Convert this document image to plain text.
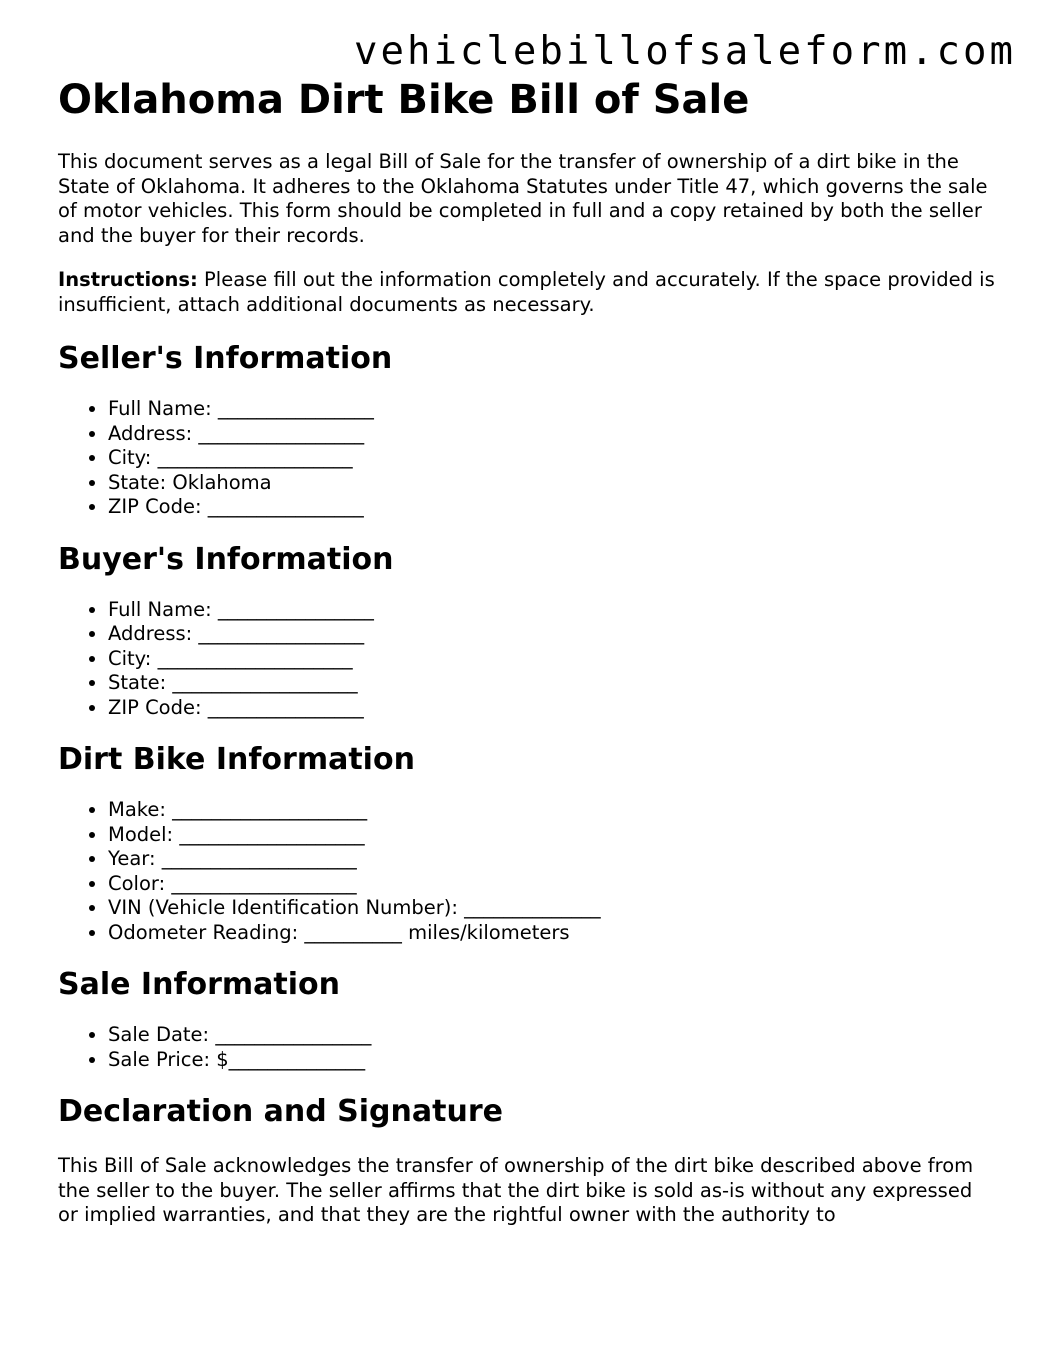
vehiclebillofsaleform.com
Oklahoma Dirt Bike Bill of Sale

This document serves as a legal Bill of Sale for the transfer of ownership of a dirt bike in the State of Oklahoma. It adheres to the Oklahoma Statutes under Title 47, which governs the sale of motor vehicles. This form should be completed in full and a copy retained by both the seller and the buyer for their records.

Instructions: Please fill out the information completely and accurately. If the space provided is insufficient, attach additional documents as necessary.

Seller's Information
• Full Name: ________________
• Address: _________________
• City: ____________________
• State: Oklahoma
• ZIP Code: ________________
Buyer's Information
• Full Name: ________________
• Address: _________________
• City: ____________________
• State: ___________________
• ZIP Code: ________________
Dirt Bike Information
• Make: ____________________
• Model: ___________________
• Year: ____________________
• Color: ___________________
• VIN (Vehicle Identification Number): ______________
• Odometer Reading: __________ miles/kilometers
Sale Information
• Sale Date: ________________
• Sale Price: $______________
Declaration and Signature

This Bill of Sale acknowledges the transfer of ownership of the dirt bike described above from the seller to the buyer. The seller affirms that the dirt bike is sold as-is without any expressed or implied warranties, and that they are the rightful owner with the authority to
